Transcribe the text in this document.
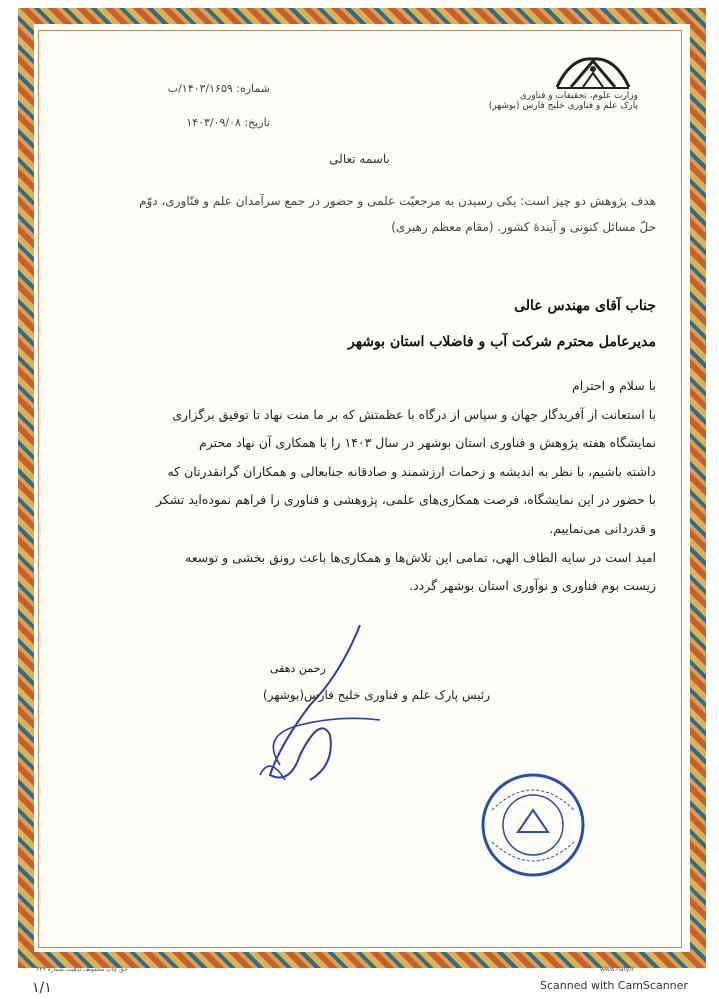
وزارت علوم، تحقیقات و فناوری
پارک علم و فناوری خلیج فارس (بوشهر)
شماره: ۱۴۰۳/۱۶۵۹/ب
تاریخ: ۱۴۰۳/۰۹/۰۸
باسمه تعالی
هدف پژوهش دو چیز است: یکی رسیدن به مرجعیّت علمی و حضور در جمع سرآمدان علم و فنّاوری، دوّم
حلّ مسائل کنونی و آیندهٔ کشور. (مقام معظم رهبری)
جناب آقای مهندس عالی
مدیرعامل محترم شرکت آب و فاضلاب استان بوشهر

با سلام و احترام

با استعانت از آفریدگار جهان و سپاس از درگاه با عظمتش که بر ما منت نهاد تا توفیق برگزاری

نمایشگاه هفته پژوهش و فناوری استان بوشهر در سال ۱۴۰۳ را با همکاری آن نهاد محترم

داشته باشیم، با نظر به اندیشه و زحمات ارزشمند و صادقانه جنابعالی و همکاران گرانقدرتان که

با حضور در این نمایشگاه، فرصت همکاری‌های علمی، پژوهشی و فناوری را فراهم نموده‌اید تشکر

و قدردانی می‌نماییم.

امید است در سایه الطاف الهی، تمامی این تلاش‌ها و همکاری‌ها باعث رونق بخشی و توسعه

زیست بوم فناوری و نوآوری استان بوشهر گردد.

رحمن دهقی
رئیس پارک علم و فناوری خلیج فارس(بوشهر)
حق چاپ محفوظ، تذهیب شماره ۶۴۹	www.hafy.ir
۱/۱	Scanned with CamScanner
